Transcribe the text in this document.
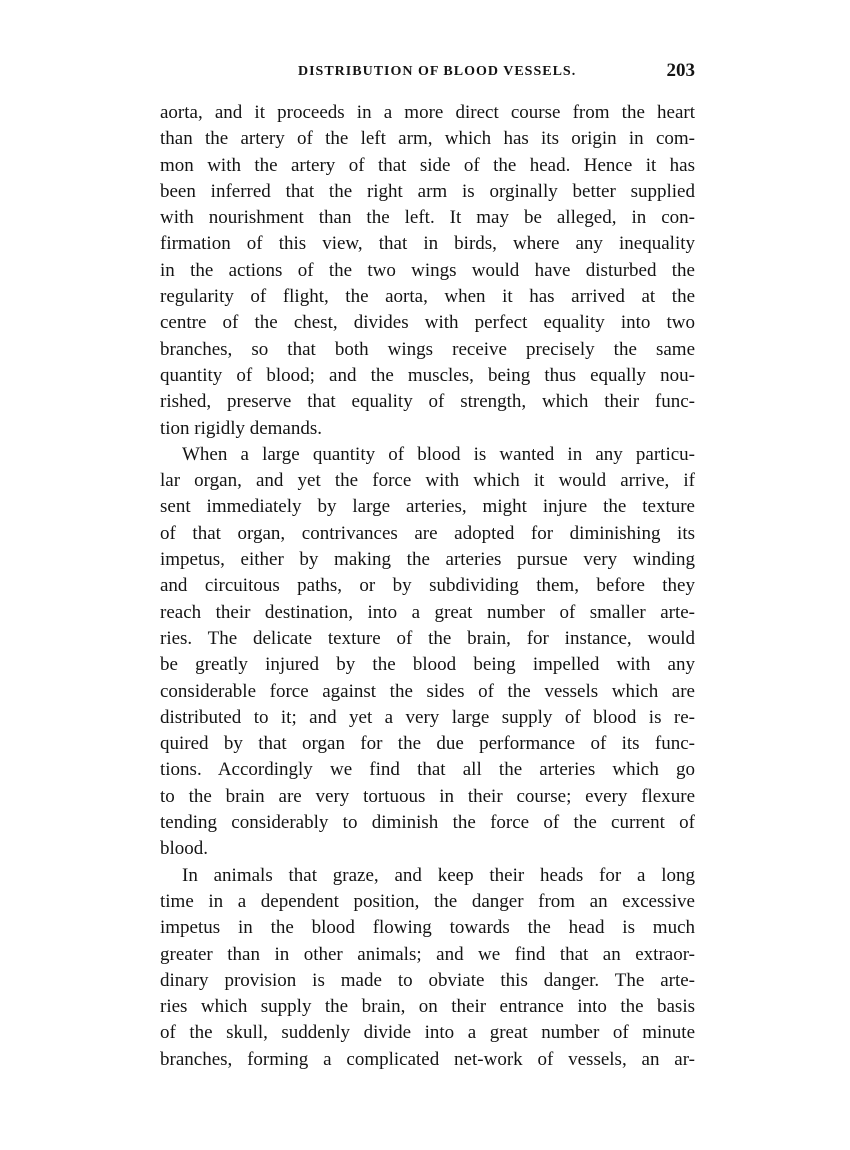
DISTRIBUTION OF BLOOD VESSELS.	203
aorta, and it proceeds in a more direct course from the heart
than the artery of the left arm, which has its origin in com-
mon with the artery of that side of the head. Hence it has
been inferred that the right arm is orginally better supplied
with nourishment than the left. It may be alleged, in con-
firmation of this view, that in birds, where any inequality
in the actions of the two wings would have disturbed the
regularity of flight, the aorta, when it has arrived at the
centre of the chest, divides with perfect equality into two
branches, so that both wings receive precisely the same
quantity of blood; and the muscles, being thus equally nou-
rished, preserve that equality of strength, which their func-
tion rigidly demands.
When a large quantity of blood is wanted in any particu-
lar organ, and yet the force with which it would arrive, if
sent immediately by large arteries, might injure the texture
of that organ, contrivances are adopted for diminishing its
impetus, either by making the arteries pursue very winding
and circuitous paths, or by subdividing them, before they
reach their destination, into a great number of smaller arte-
ries. The delicate texture of the brain, for instance, would
be greatly injured by the blood being impelled with any
considerable force against the sides of the vessels which are
distributed to it; and yet a very large supply of blood is re-
quired by that organ for the due performance of its func-
tions. Accordingly we find that all the arteries which go
to the brain are very tortuous in their course; every flexure
tending considerably to diminish the force of the current of
blood.
In animals that graze, and keep their heads for a long
time in a dependent position, the danger from an excessive
impetus in the blood flowing towards the head is much
greater than in other animals; and we find that an extraor-
dinary provision is made to obviate this danger. The arte-
ries which supply the brain, on their entrance into the basis
of the skull, suddenly divide into a great number of minute
branches, forming a complicated net-work of vessels, an ar-
